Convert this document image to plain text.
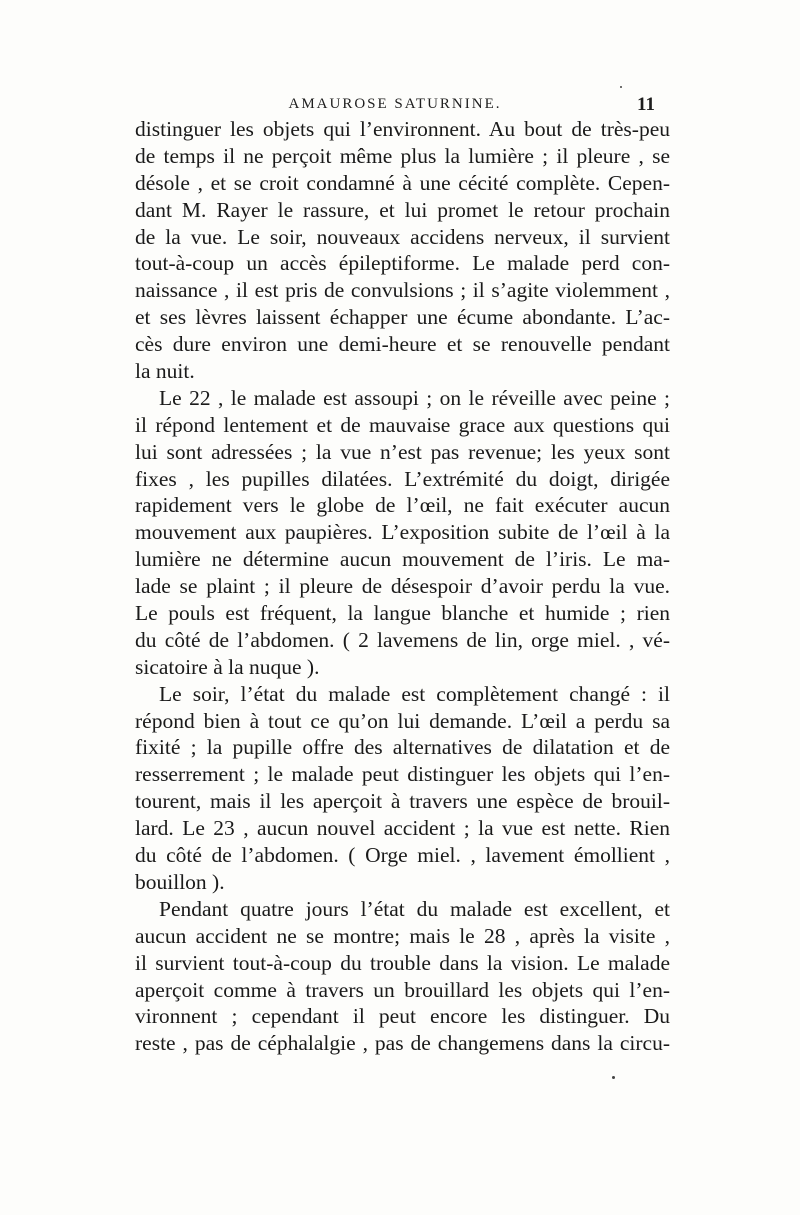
AMAUROSE SATURNINE.	11
distinguer les objets qui l’environnent. Au bout de très-peu
de temps il ne perçoit même plus la lumière ; il pleure , se
désole , et se croit condamné à une cécité complète. Cepen-
dant M. Rayer le rassure, et lui promet le retour prochain
de la vue. Le soir, nouveaux accidens nerveux, il survient
tout-à-coup un accès épileptiforme. Le malade perd con-
naissance , il est pris de convulsions ; il s’agite violemment ,
et ses lèvres laissent échapper une écume abondante. L’ac-
cès dure environ une demi-heure et se renouvelle pendant
la nuit.
Le 22 , le malade est assoupi ; on le réveille avec peine ;
il répond lentement et de mauvaise grace aux questions qui
lui sont adressées ; la vue n’est pas revenue; les yeux sont
fixes , les pupilles dilatées. L’extrémité du doigt, dirigée
rapidement vers le globe de l’œil, ne fait exécuter aucun
mouvement aux paupières. L’exposition subite de l’œil à la
lumière ne détermine aucun mouvement de l’iris. Le ma-
lade se plaint ; il pleure de désespoir d’avoir perdu la vue.
Le pouls est fréquent, la langue blanche et humide ; rien
du côté de l’abdomen. ( 2 lavemens de lin, orge miel. , vé-
sicatoire à la nuque ).
Le soir, l’état du malade est complètement changé : il
répond bien à tout ce qu’on lui demande. L’œil a perdu sa
fixité ; la pupille offre des alternatives de dilatation et de
resserrement ; le malade peut distinguer les objets qui l’en-
tourent, mais il les aperçoit à travers une espèce de brouil-
lard. Le 23 , aucun nouvel accident ; la vue est nette. Rien
du côté de l’abdomen. ( Orge miel. , lavement émollient ,
bouillon ).
Pendant quatre jours l’état du malade est excellent, et
aucun accident ne se montre; mais le 28 , après la visite ,
il survient tout-à-coup du trouble dans la vision. Le malade
aperçoit comme à travers un brouillard les objets qui l’en-
vironnent ; cependant il peut encore les distinguer. Du
reste , pas de céphalalgie , pas de changemens dans la circu-
